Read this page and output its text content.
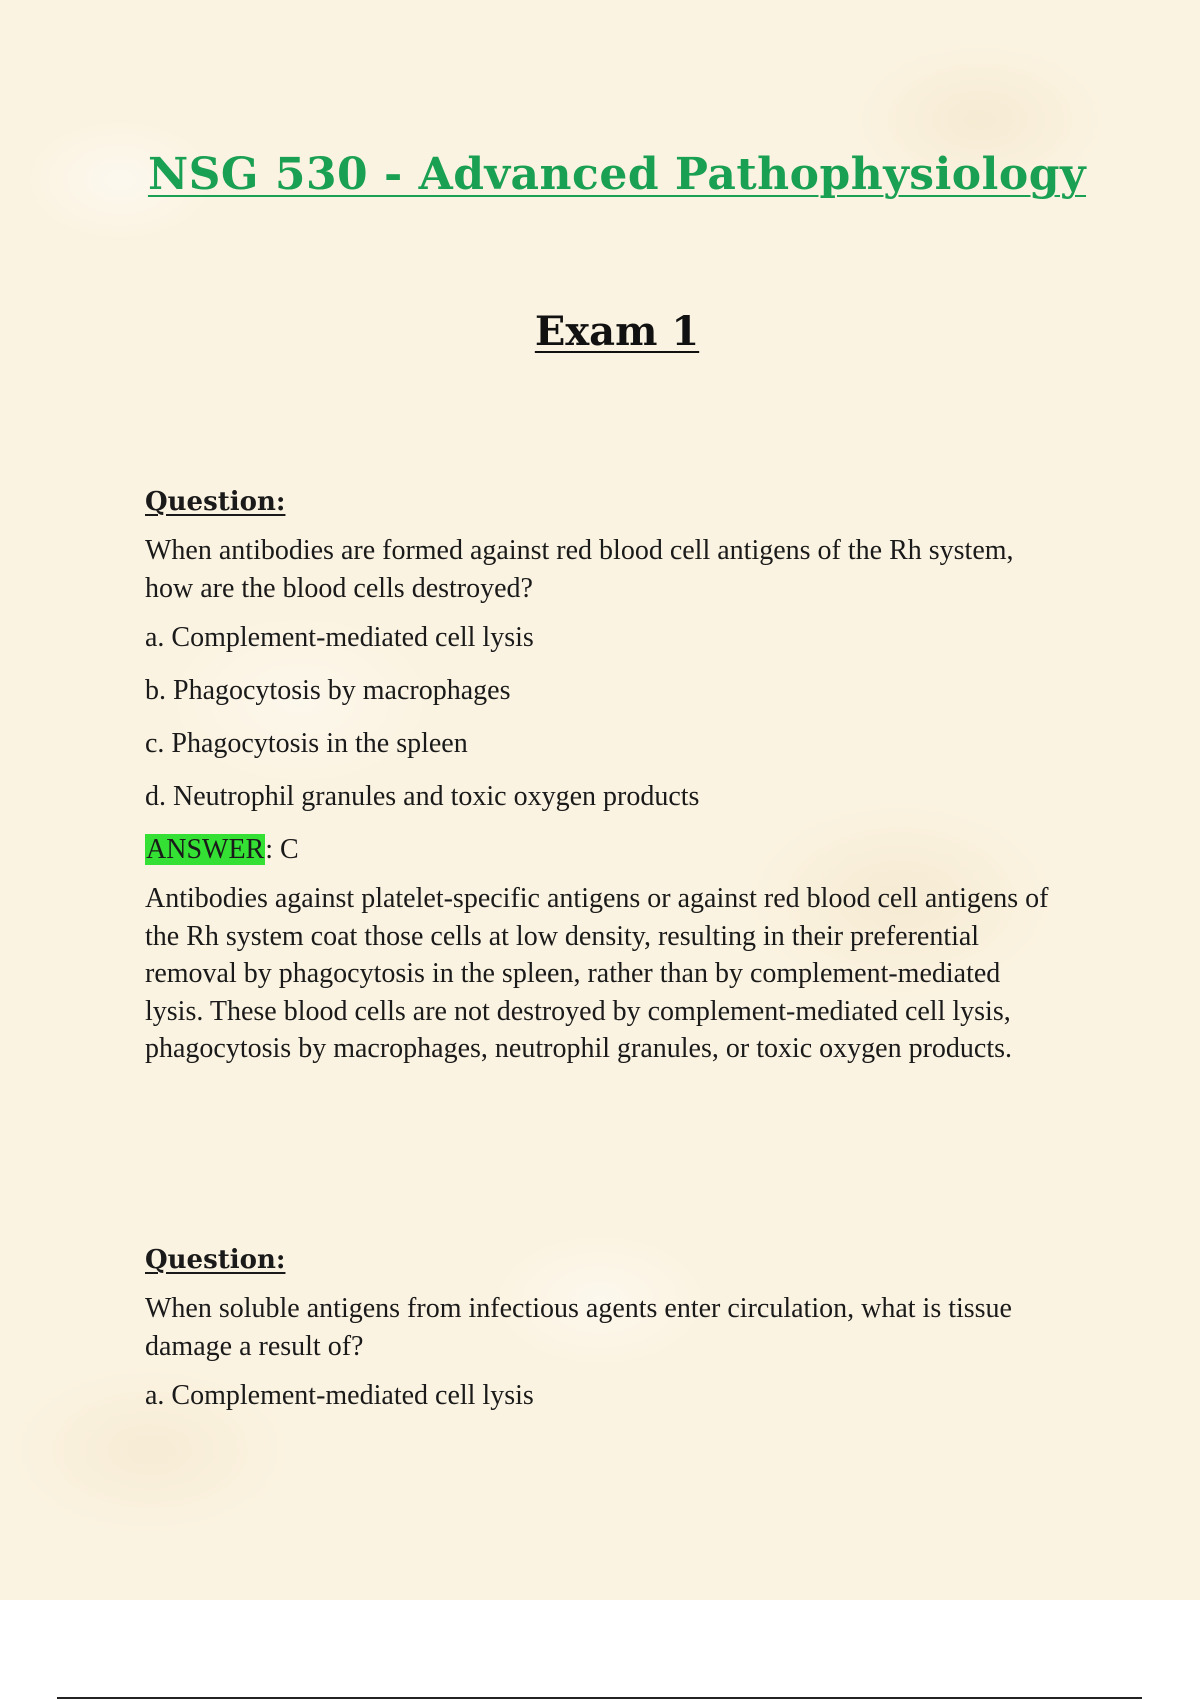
NSG 530 - Advanced Pathophysiology
Exam 1
Question:
When antibodies are formed against red blood cell antigens of the Rh system, how are the blood cells destroyed?
a. Complement-mediated cell lysis
b. Phagocytosis by macrophages
c. Phagocytosis in the spleen
d. Neutrophil granules and toxic oxygen products
ANSWER: C
Antibodies against platelet-specific antigens or against red blood cell antigens of the Rh system coat those cells at low density, resulting in their preferential removal by phagocytosis in the spleen, rather than by complement-mediated lysis. These blood cells are not destroyed by complement-mediated cell lysis, phagocytosis by macrophages, neutrophil granules, or toxic oxygen products.
Question:
When soluble antigens from infectious agents enter circulation, what is tissue damage a result of?
a. Complement-mediated cell lysis
